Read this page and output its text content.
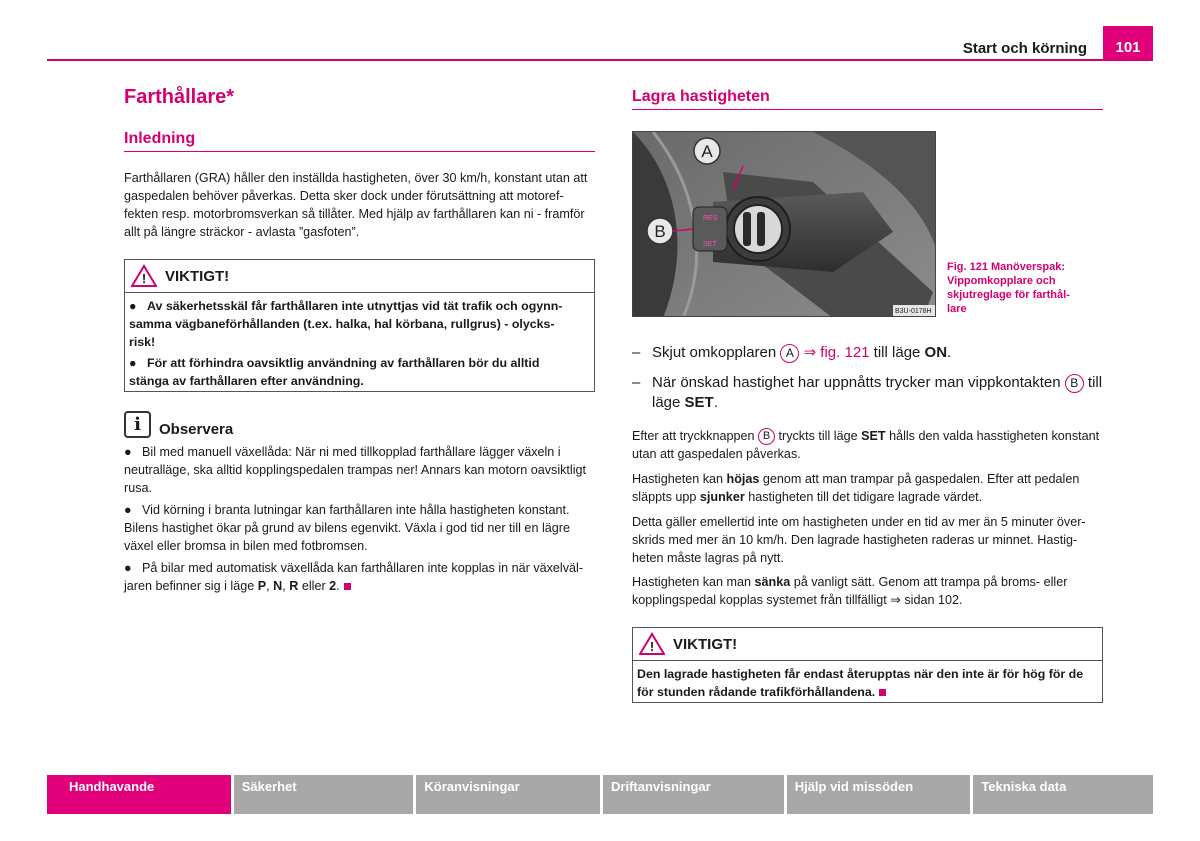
Start och körning	101
Farthållare*
Inledning
Farthållaren (GRA) håller den inställda hastigheten, över 30 km/h, konstant utan att
gaspedalen behöver påverkas. Detta sker dock under förutsättning att motoref-
fekten resp. motorbromsverkan så tillåter. Med hjälp av farthållaren kan ni - framför
allt på längre sträckor - avlasta ”gasfoten”.
! VIKTIGT!

● Av säkerhetsskäl får farthållaren inte utnyttjas vid tät trafik och ogynn-
samma vägbaneförhållanden (t.ex. halka, hal körbana, rullgrus) - olycks-
risk!

● För att förhindra oavsiktlig användning av farthållaren bör du alltid
stänga av farthållaren efter användning.

i	Observera
● Bil med manuell växellåda: När ni med tillkopplad farthållare lägger växeln i
neutralläge, ska alltid kopplingspedalen trampas ner! Annars kan motorn oavsiktligt
rusa.
● Vid körning i branta lutningar kan farthållaren inte hålla hastigheten konstant.
Bilens hastighet ökar på grund av bilens egenvikt. Växla i god tid ner till en lägre
växel eller bromsa in bilen med fotbromsen.
● På bilar med automatisk växellåda kan farthållaren inte kopplas in när växelväl-
jaren befinner sig i läge P, N, R eller 2.
Lagra hastigheten
RES
SET
A
B
B3U-0178H
Fig. 121 Manöverspak:
Vippomkopplare och
skjutreglage för farthål-
lare
– Skjut omkopplaren A ⇒ fig. 121 till läge ON.
– När önskad hastighet har uppnåtts trycker man vippkontakten B till
läge SET.
Efter att tryckknappen B tryckts till läge SET hålls den valda hasstigheten konstant
utan att gaspedalen påverkas.
Hastigheten kan höjas genom att man trampar på gaspedalen. Efter att pedalen
släppts upp sjunker hastigheten till det tidigare lagrade värdet.
Detta gäller emellertid inte om hastigheten under en tid av mer än 5 minuter över-
skrids med mer än 10 km/h. Den lagrade hastigheten raderas ur minnet. Hastig-
heten måste lagras på nytt.
Hastigheten kan man sänka på vanligt sätt. Genom att trampa på broms- eller
kopplingspedal kopplas systemet från tillfälligt ⇒ sidan 102.
! VIKTIGT!
Den lagrade hastigheten får endast återupptas när den inte är för hög för de
för stunden rådande trafikförhållandena.
Handhavande	Säkerhet	Köranvisningar	Driftanvisningar	Hjälp vid missöden	Tekniska data
